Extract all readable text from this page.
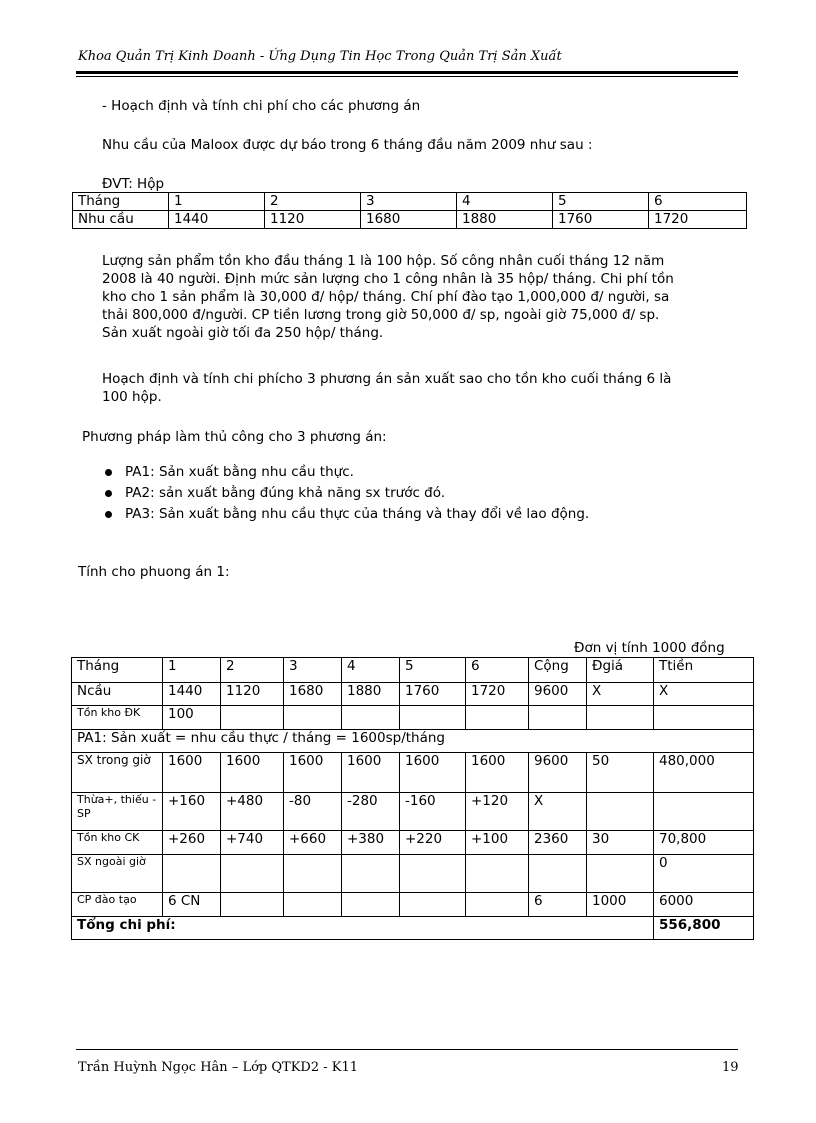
Khoa Quản Trị Kinh Doanh - Ứng Dụng Tin Học Trong Quản Trị Sản Xuất
- Hoạch định và tính chi phí cho các phương án
Nhu cầu của Maloox được dự báo trong 6 tháng đầu năm 2009 như sau :
ĐVT: Hộp
Tháng	1	2	3	4	5	6
Nhu cầu	1440	1120	1680	1880	1760	1720
Lượng sản phẩm tồn kho đầu tháng 1 là 100 hộp. Số công nhân cuối tháng 12 năm
2008 là 40 người. Định mức sản lượng cho 1 công nhân là 35 hộp/ tháng. Chi phí tồn
kho cho 1 sản phẩm là 30,000 đ/ hộp/ tháng. Chí phí đào tạo 1,000,000 đ/ người, sa
thải 800,000 đ/người. CP tiền lương trong giờ 50,000 đ/ sp, ngoài giờ 75,000 đ/ sp.
Sản xuất ngoài giờ tối đa 250 hộp/ tháng.
Hoạch định và tính chi phícho 3 phương án sản xuất sao cho tồn kho cuối tháng 6 là
100 hộp.
Phương pháp làm thủ công cho 3 phương án:
PA1: Sản xuất bằng nhu cầu thực.
PA2: sản xuất bằng đúng khả năng sx trước đó.
PA3: Sản xuất bằng nhu cầu thực của tháng và thay đổi về lao động.
Tính cho phuong án 1:
Đơn vị tính 1000 đồng
Tháng	1	2	3	4	5	6	Cộng	Đgiá	Ttiền
Ncầu	1440	1120	1680	1880	1760	1720	9600	X	X
Tồn kho ĐK	100								
PA1: Sản xuất = nhu cầu thực / tháng = 1600sp/tháng									
SX trong giờ	1600	1600	1600	1600	1600	1600	9600	50	480,000
Thừa+, thiếu - SP	+160	+480	-80	-280	-160	+120	X		
Tồn kho CK	+260	+740	+660	+380	+220	+100	2360	30	70,800
SX ngoài giờ									0
CP đào tạo	6 CN						6	1000	6000
Tổng chi phí:									556,800
Trần Huỳnh Ngọc Hân – Lớp QTKD2 - K11	19
